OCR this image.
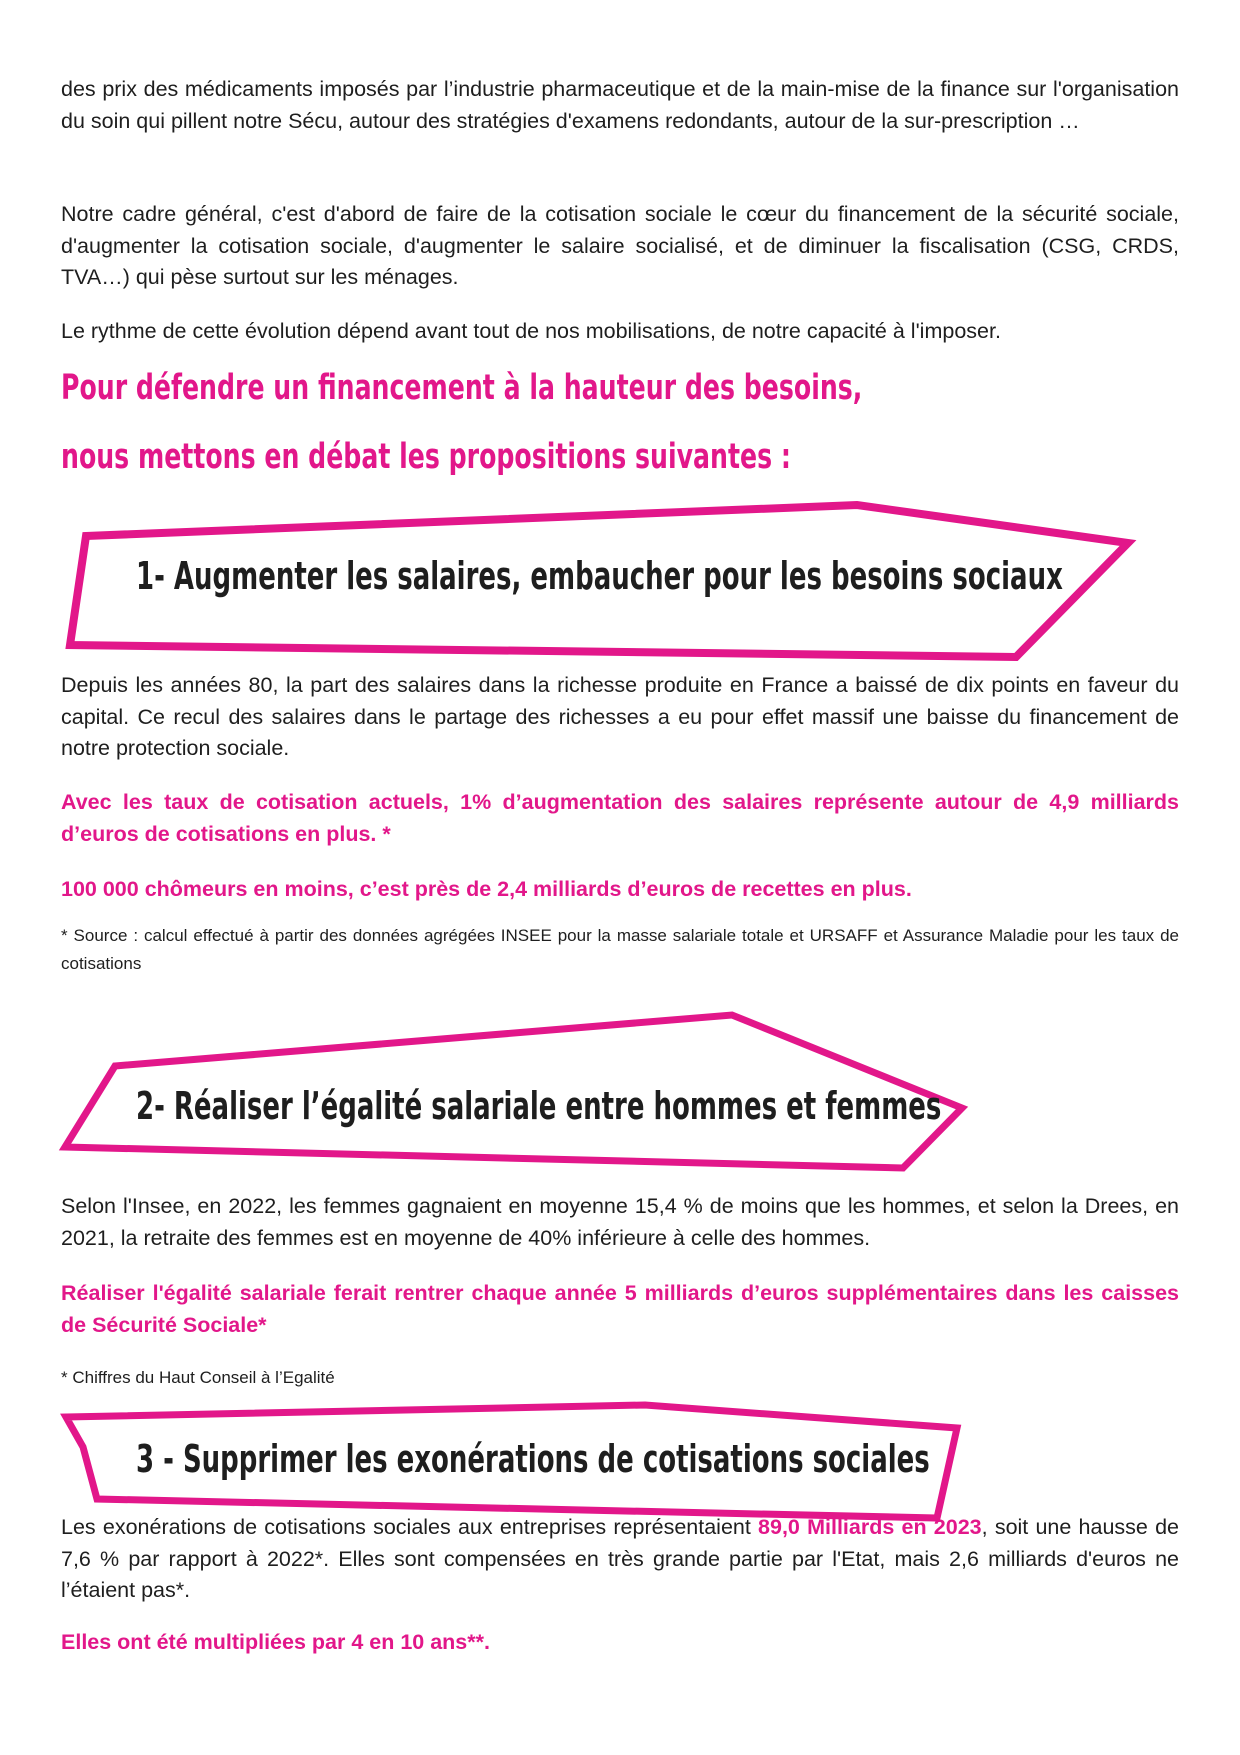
des prix des médicaments imposés par l’industrie pharmaceutique et de la main-mise de la finance sur l'organisation du soin qui pillent notre Sécu, autour des stratégies d'examens redondants, autour de la sur-prescription …

Notre cadre général, c'est d'abord de faire de la cotisation sociale le cœur du financement de la sécurité sociale, d'augmenter la cotisation sociale, d'augmenter le salaire socialisé, et de diminuer la fiscalisation (CSG, CRDS, TVA…) qui pèse surtout sur les ménages.

Le rythme de cette évolution dépend avant tout de nos mobilisations, de notre capacité à l'imposer.

Pour défendre un financement à la hauteur des besoins,

nous mettons en débat les propositions suivantes :

1- Augmenter les salaires, embaucher pour les besoins sociaux

Depuis les années 80, la part des salaires dans la richesse produite en France a baissé de dix points en faveur du capital. Ce recul des salaires dans le partage des richesses a eu pour effet massif une baisse du financement de notre protection sociale.

Avec les taux de cotisation actuels, 1% d’augmentation des salaires représente autour de 4,9 milliards d’euros de cotisations en plus. *

100 000 chômeurs en moins, c’est près de 2,4 milliards d’euros de recettes en plus.

* Source : calcul effectué à partir des données agrégées INSEE pour la masse salariale totale et URSAFF et Assurance Maladie pour les taux de cotisations

2- Réaliser l’égalité salariale entre hommes et femmes

Selon l'Insee, en 2022, les femmes gagnaient en moyenne 15,4 % de moins que les hommes, et selon la Drees, en 2021, la retraite des femmes est en moyenne de 40% inférieure à celle des hommes.

Réaliser l'égalité salariale ferait rentrer chaque année 5 milliards d’euros supplémentaires dans les caisses de Sécurité Sociale*

* Chiffres du Haut Conseil à l’Egalité

3 - Supprimer les exonérations de cotisations sociales

Les exonérations de cotisations sociales aux entreprises représentaient 89,0 Milliards en 2023, soit une hausse de 7,6 % par rapport à 2022*. Elles sont compensées en très grande partie par l'Etat, mais 2,6 milliards d'euros ne l’étaient pas*.

Elles ont été multipliées par 4 en 10 ans**.
